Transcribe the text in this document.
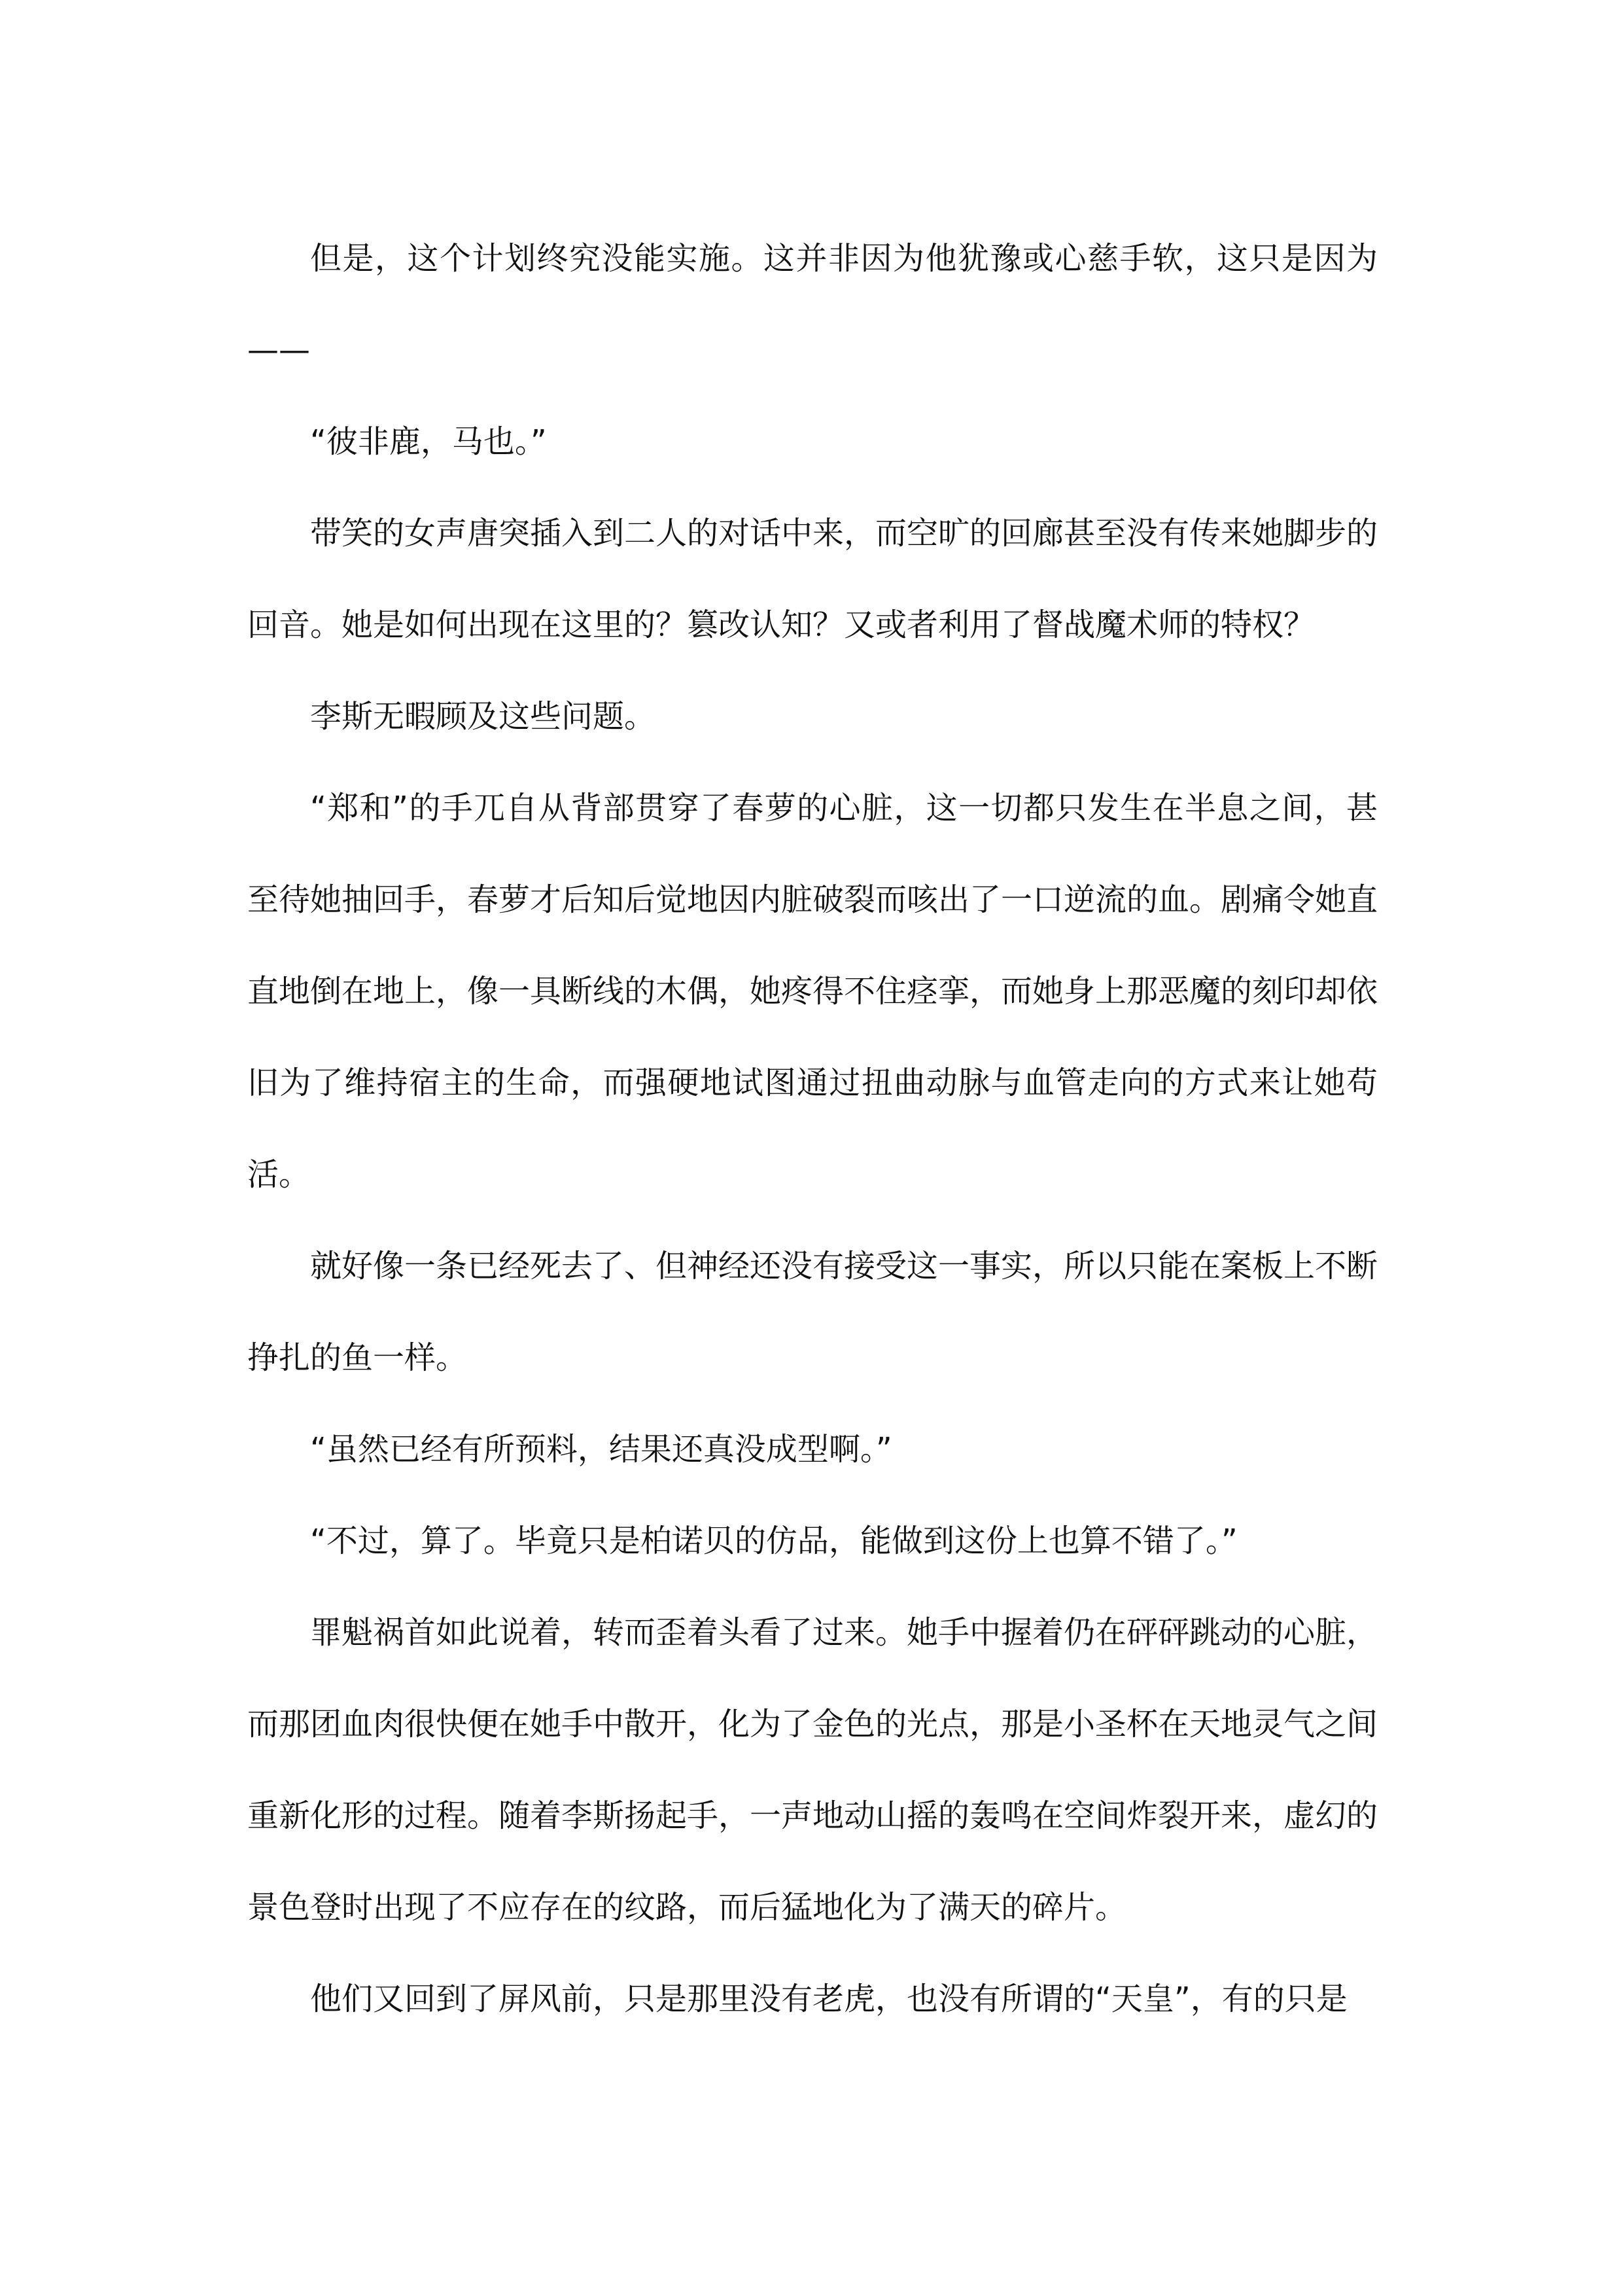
但是，这个计划终究没能实施。这并非因为他犹豫或心慈手软，这只是因为——

“彼非鹿，马也。”

带笑的女声唐突插入到二人的对话中来，而空旷的回廊甚至没有传来她脚步的回音。她是如何出现在这里的？篡改认知？又或者利用了督战魔术师的特权？

李斯无暇顾及这些问题。

“郑和”的手兀自从背部贯穿了春萝的心脏，这一切都只发生在半息之间，甚至待她抽回手，春萝才后知后觉地因内脏破裂而咳出了一口逆流的血。剧痛令她直直地倒在地上，像一具断线的木偶，她疼得不住痉挛，而她身上那恶魔的刻印却依旧为了维持宿主的生命，而强硬地试图通过扭曲动脉与血管走向的方式来让她苟活。

就好像一条已经死去了、但神经还没有接受这一事实，所以只能在案板上不断挣扎的鱼一样。

“虽然已经有所预料，结果还真没成型啊。”

“不过，算了。毕竟只是柏诺贝的仿品，能做到这份上也算不错了。”

罪魁祸首如此说着，转而歪着头看了过来。她手中握着仍在砰砰跳动的心脏，而那团血肉很快便在她手中散开，化为了金色的光点，那是小圣杯在天地灵气之间重新化形的过程。随着李斯扬起手，一声地动山摇的轰鸣在空间炸裂开来，虚幻的景色登时出现了不应存在的纹路，而后猛地化为了满天的碎片。

他们又回到了屏风前，只是那里没有老虎，也没有所谓的“天皇”，有的只是
